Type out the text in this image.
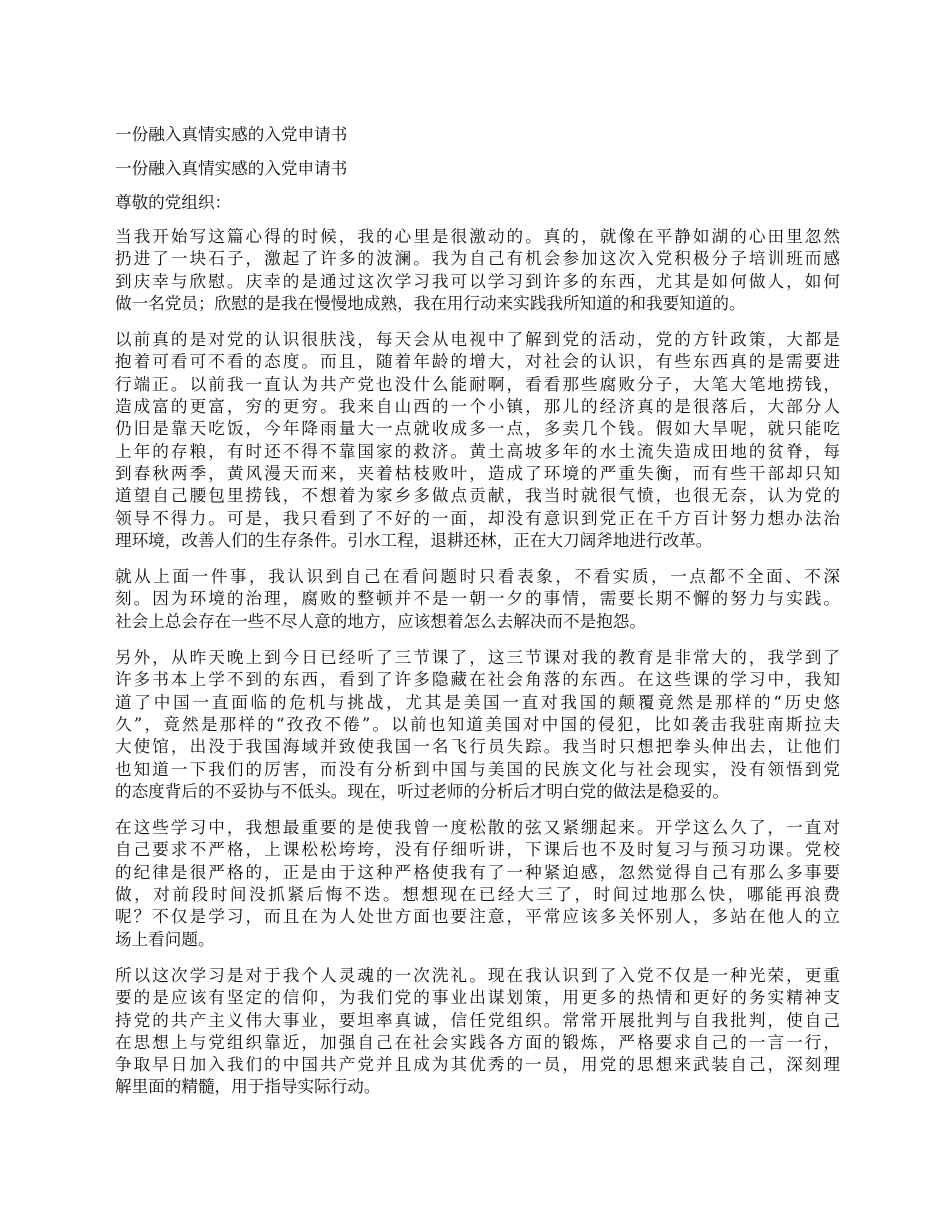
一份融入真情实感的入党申请书
一份融入真情实感的入党申请书
尊敬的党组织：
当我开始写这篇心得的时候，我的心里是很激动的。真的，就像在平静如湖的心田里忽然
扔进了一块石子，激起了许多的波澜。我为自己有机会参加这次入党积极分子培训班而感
到庆幸与欣慰。庆幸的是通过这次学习我可以学习到许多的东西，尤其是如何做人，如何
做一名党员；欣慰的是我在慢慢地成熟，我在用行动来实践我所知道的和我要知道的。
以前真的是对党的认识很肤浅，每天会从电视中了解到党的活动，党的方针政策，大都是
抱着可看可不看的态度。而且，随着年龄的增大，对社会的认识，有些东西真的是需要进
行端正。以前我一直认为共产党也没什么能耐啊，看看那些腐败分子，大笔大笔地捞钱，
造成富的更富，穷的更穷。我来自山西的一个小镇，那儿的经济真的是很落后，大部分人
仍旧是靠天吃饭，今年降雨量大一点就收成多一点，多卖几个钱。假如大旱呢，就只能吃
上年的存粮，有时还不得不靠国家的救济。黄土高坡多年的水土流失造成田地的贫脊，每
到春秋两季，黄风漫天而来，夹着枯枝败叶，造成了环境的严重失衡，而有些干部却只知
道望自己腰包里捞钱，不想着为家乡多做点贡献，我当时就很气愤，也很无奈，认为党的
领导不得力。可是，我只看到了不好的一面，却没有意识到党正在千方百计努力想办法治
理环境，改善人们的生存条件。引水工程，退耕还林，正在大刀阔斧地进行改革。
就从上面一件事，我认识到自己在看问题时只看表象，不看实质，一点都不全面、不深
刻。因为环境的治理，腐败的整顿并不是一朝一夕的事情，需要长期不懈的努力与实践。
社会上总会存在一些不尽人意的地方，应该想着怎么去解决而不是抱怨。
另外，从昨天晚上到今日已经听了三节课了，这三节课对我的教育是非常大的，我学到了
许多书本上学不到的东西，看到了许多隐藏在社会角落的东西。在这些课的学习中，我知
道了中国一直面临的危机与挑战，尤其是美国一直对我国的颠覆竟然是那样的“历史悠
久”，竟然是那样的“孜孜不倦”。以前也知道美国对中国的侵犯，比如袭击我驻南斯拉夫
大使馆，出没于我国海域并致使我国一名飞行员失踪。我当时只想把拳头伸出去，让他们
也知道一下我们的厉害，而没有分析到中国与美国的民族文化与社会现实，没有领悟到党
的态度背后的不妥协与不低头。现在，听过老师的分析后才明白党的做法是稳妥的。
在这些学习中，我想最重要的是使我曾一度松散的弦又紧绷起来。开学这么久了，一直对
自己要求不严格，上课松松垮垮，没有仔细听讲，下课后也不及时复习与预习功课。党校
的纪律是很严格的，正是由于这种严格使我有了一种紧迫感，忽然觉得自己有那么多事要
做，对前段时间没抓紧后悔不迭。想想现在已经大三了，时间过地那么快，哪能再浪费
呢？不仅是学习，而且在为人处世方面也要注意，平常应该多关怀别人，多站在他人的立
场上看问题。
所以这次学习是对于我个人灵魂的一次洗礼。现在我认识到了入党不仅是一种光荣，更重
要的是应该有坚定的信仰，为我们党的事业出谋划策，用更多的热情和更好的务实精神支
持党的共产主义伟大事业，要坦率真诚，信任党组织。常常开展批判与自我批判，使自己
在思想上与党组织靠近，加强自己在社会实践各方面的锻炼，严格要求自己的一言一行，
争取早日加入我们的中国共产党并且成为其优秀的一员，用党的思想来武装自己，深刻理
解里面的精髓，用于指导实际行动。
